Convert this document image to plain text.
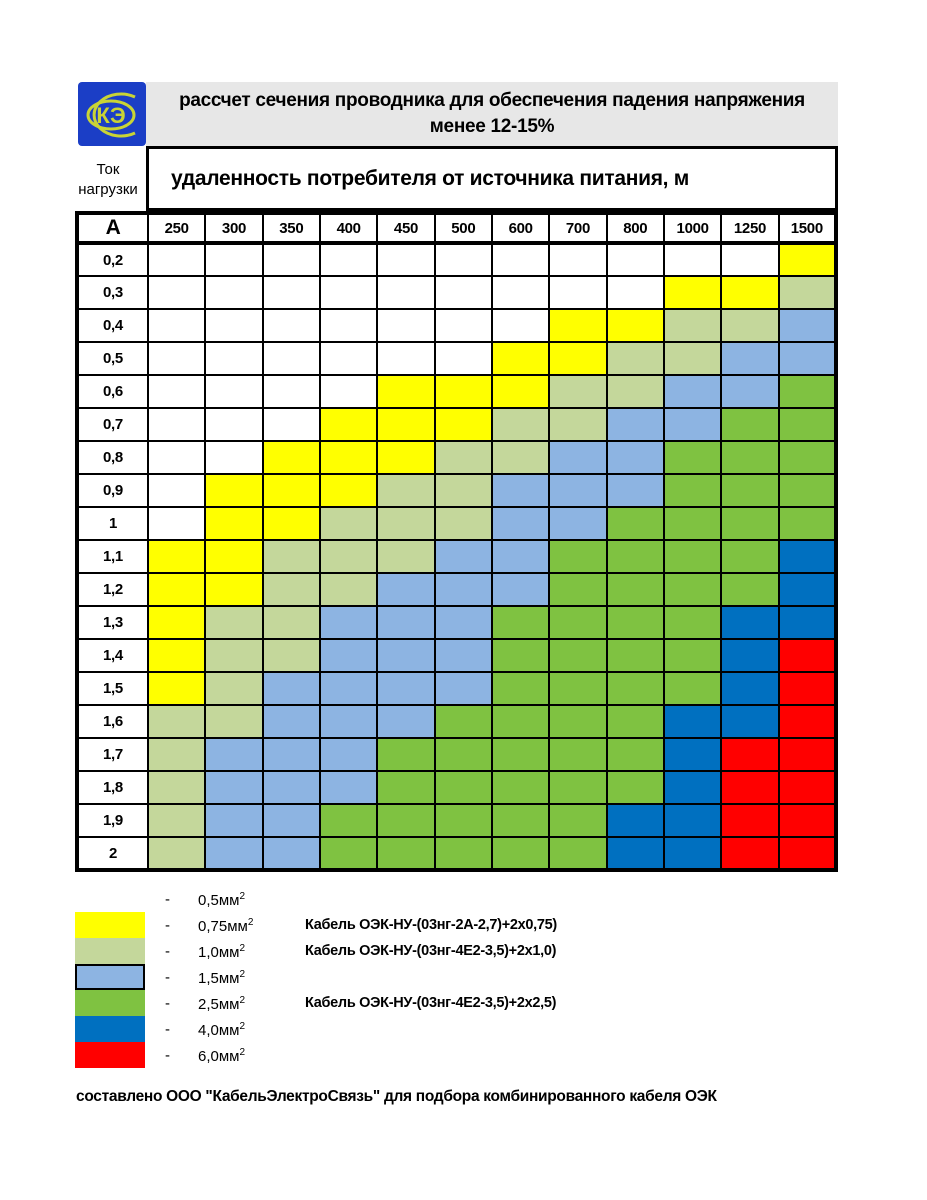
КЭ
рассчет сечения проводника для обеспечения падения напряжения
менее 12-15%
Ток
нагрузки	удаленность потребителя от источника питания, м
А	250	300	350	400	450	500	600	700	800	1000	1250	1500
0,2												
0,3												
0,4												
0,5												
0,6												
0,7												
0,8												
0,9												
1												
1,1												
1,2												
1,3												
1,4												
1,5												
1,6												
1,7												
1,8												
1,9												
2												
- $0,5мм^2$
- $0,75мм^2$	Кабель ОЭК-НУ-(03нг-2А-2,7)+2х0,75)
- $1,0мм^2$	Кабель ОЭК-НУ-(03нг-4Е2-3,5)+2х1,0)
- $1,5мм^2$
- $2,5мм^2$	Кабель ОЭК-НУ-(03нг-4Е2-3,5)+2х2,5)
- $4,0мм^2$
- $6,0мм^2$
составлено ООО "КабельЭлектроСвязь" для подбора комбинированного кабеля ОЭК
